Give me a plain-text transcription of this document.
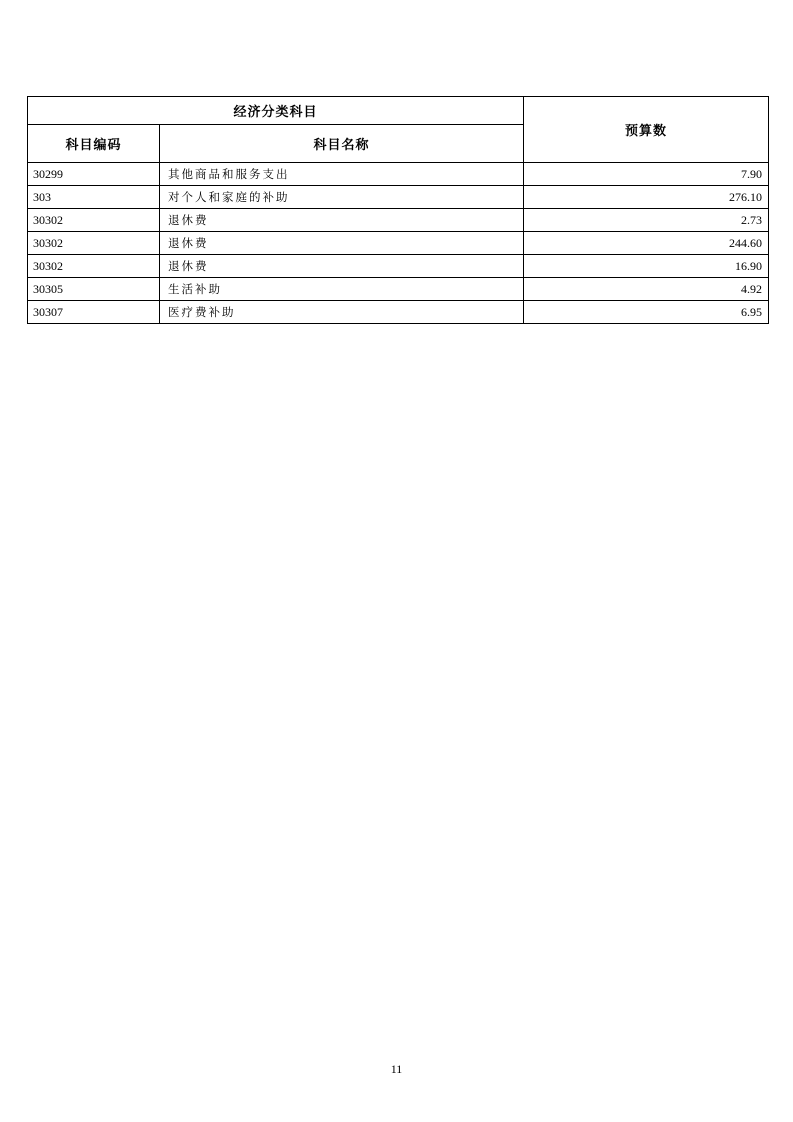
经济分类科目		预算数
科目编码	科目名称	
30299	其他商品和服务支出	7.90
303	对个人和家庭的补助	276.10
30302	退休费	2.73
30302	退休费	244.60
30302	退休费	16.90
30305	生活补助	4.92
30307	医疗费补助	6.95
11
